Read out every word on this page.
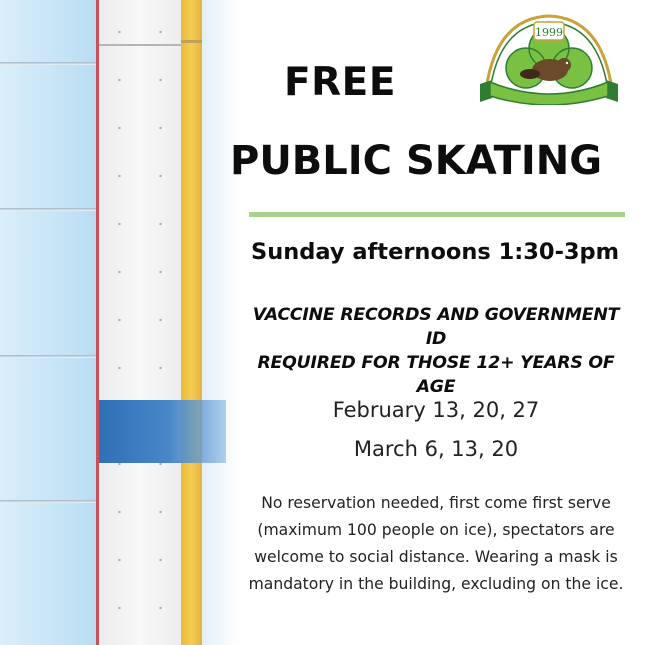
1999
FREE
PUBLIC SKATING
Sunday afternoons 1:30-3pm

VACCINE RECORDS AND GOVERNMENT ID
REQUIRED FOR THOSE 12+ YEARS OF AGE

February 13, 20, 27

March 6, 13, 20

No reservation needed, first come first serve
(maximum 100 people on ice), spectators are
welcome to social distance. Wearing a mask is
mandatory in the building, excluding on the ice.
